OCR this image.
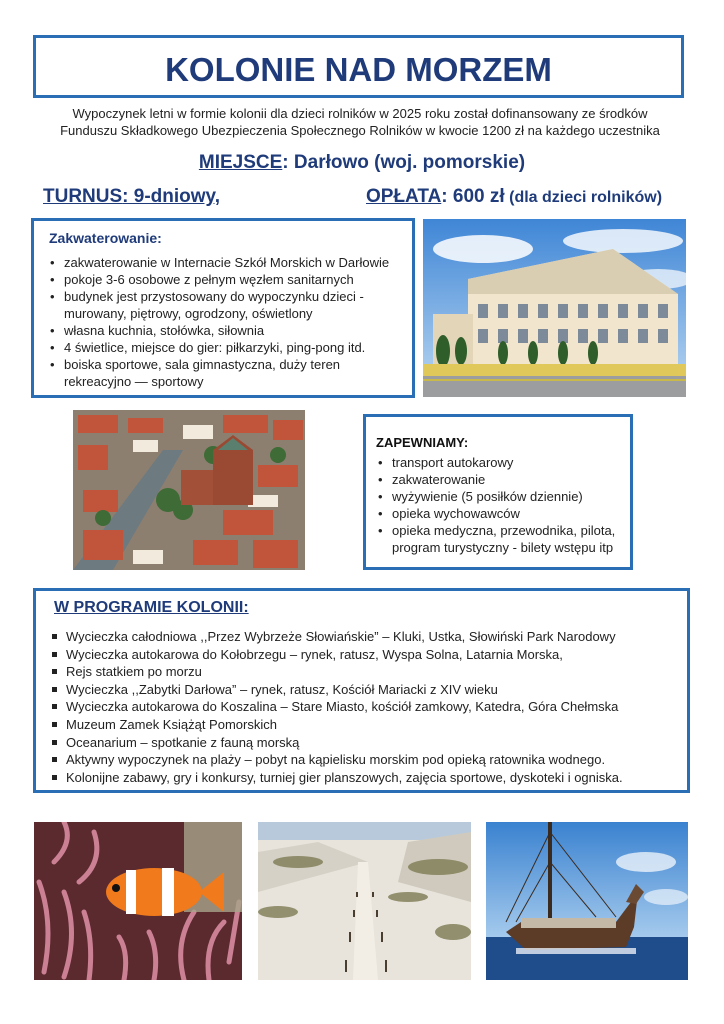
KOLONIE NAD MORZEM

Wypoczynek letni w formie kolonii dla dzieci rolników w 2025 roku został dofinansowany ze środków

Funduszu Składkowego Ubezpieczenia Społecznego Rolników w kwocie 1200 zł na każdego uczestnika

MIEJSCE: Darłowo (woj. pomorskie)

TURNUS: 9-dniowy,	OPŁATA: 600 zł (dla dzieci rolników)

Zakwaterowanie:

• zakwaterowanie w Internacie Szkół Morskich w Darłowie
• pokoje 3-6 osobowe z pełnym węzłem sanitarnych
• budynek jest przystosowany do wypoczynku dzieci - murowany, piętrowy, ogrodzony, oświetlony
• własna kuchnia, stołówka, siłownia
• 4 świetlice, miejsce do gier: piłkarzyki, ping-pong itd.
• boiska sportowe, sala gimnastyczna, duży teren rekreacyjno — sportowy

ZAPEWNIAMY:

• transport autokarowy
• zakwaterowanie
• wyżywienie (5 posiłków dziennie)
• opieka wychowawców
• opieka medyczna, przewodnika, pilota, program turystyczny - bilety wstępu itp

W PROGRAMIE KOLONII:

Wycieczka całodniowa ,,Przez Wybrzeże Słowiańskie” – Kluki, Ustka, Słowiński Park Narodowy
Wycieczka autokarowa do Kołobrzegu – rynek, ratusz, Wyspa Solna, Latarnia Morska,
Rejs statkiem po morzu
Wycieczka ,,Zabytki Darłowa” – rynek, ratusz, Kościół Mariacki z XIV wieku
Wycieczka autokarowa do Koszalina – Stare Miasto, kościół zamkowy, Katedra, Góra Chełmska
Muzeum Zamek Książąt Pomorskich
Oceanarium – spotkanie z fauną morską
Aktywny wypoczynek na plaży – pobyt na kąpielisku morskim pod opieką ratownika wodnego.
Kolonijne zabawy, gry i konkursy, turniej gier planszowych, zajęcia sportowe, dyskoteki i ogniska.
